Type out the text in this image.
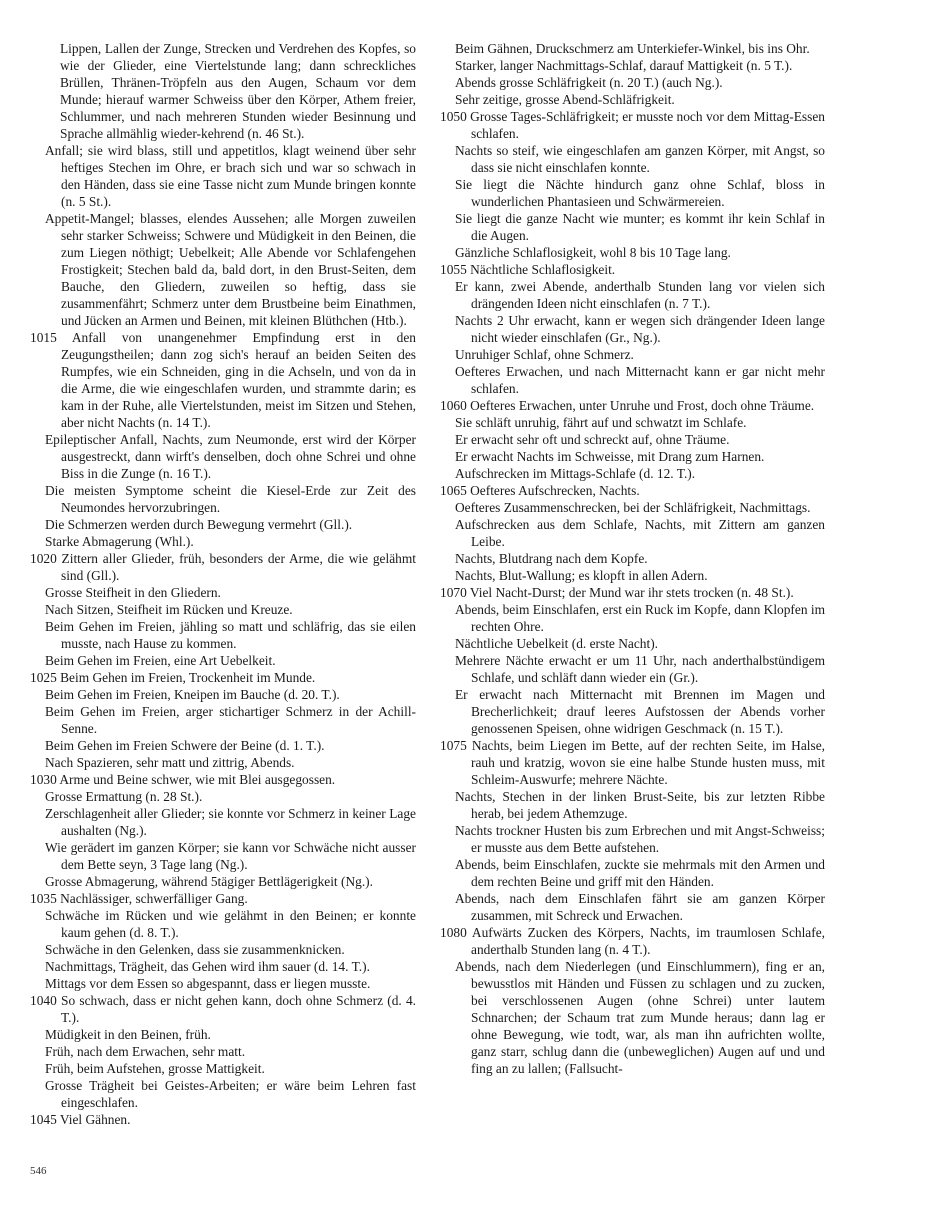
Lippen, Lallen der Zunge, Strecken und Verdrehen des Kopfes, so wie der Glieder, eine Viertelstunde lang; dann schreckliches Brüllen, Thränen-Tröpfeln aus den Augen, Schaum vor dem Munde; hierauf warmer Schweiss über den Körper, Athem freier, Schlummer, und nach mehreren Stunden wieder Besinnung und Sprache allmählig wieder-kehrend (n. 46 St.).

Anfall; sie wird blass, still und appetitlos, klagt weinend über sehr heftiges Stechen im Ohre, er brach sich und war so schwach in den Händen, dass sie eine Tasse nicht zum Munde bringen konnte (n. 5 St.).

Appetit-Mangel; blasses, elendes Aussehen; alle Morgen zuweilen sehr starker Schweiss; Schwere und Müdigkeit in den Beinen, die zum Liegen nöthigt; Uebelkeit; Alle Abende vor Schlafengehen Frostigkeit; Stechen bald da, bald dort, in den Brust-Seiten, dem Bauche, den Gliedern, zuweilen so heftig, dass sie zusammenfährt; Schmerz unter dem Brustbeine beim Einathmen, und Jücken an Armen und Beinen, mit kleinen Blüthchen (Htb.).

1015 Anfall von unangenehmer Empfindung erst in den Zeugungstheilen; dann zog sich's herauf an beiden Seiten des Rumpfes, wie ein Schneiden, ging in die Achseln, und von da in die Arme, die wie eingeschlafen wurden, und strammte darin; es kam in der Ruhe, alle Viertelstunden, meist im Sitzen und Stehen, aber nicht Nachts (n. 14 T.).

Epileptischer Anfall, Nachts, zum Neumonde, erst wird der Körper ausgestreckt, dann wirft's denselben, doch ohne Schrei und ohne Biss in die Zunge (n. 16 T.).

Die meisten Symptome scheint die Kiesel-Erde zur Zeit des Neumondes hervorzubringen.

Die Schmerzen werden durch Bewegung vermehrt (Gll.).

Starke Abmagerung (Whl.).

1020 Zittern aller Glieder, früh, besonders der Arme, die wie gelähmt sind (Gll.).

Grosse Steifheit in den Gliedern.

Nach Sitzen, Steifheit im Rücken und Kreuze.

Beim Gehen im Freien, jähling so matt und schläfrig, das sie eilen musste, nach Hause zu kommen.

Beim Gehen im Freien, eine Art Uebelkeit.

1025 Beim Gehen im Freien, Trockenheit im Munde.

Beim Gehen im Freien, Kneipen im Bauche (d. 20. T.).

Beim Gehen im Freien, arger stichartiger Schmerz in der Achill-Senne.

Beim Gehen im Freien Schwere der Beine (d. 1. T.).

Nach Spazieren, sehr matt und zittrig, Abends.

1030 Arme und Beine schwer, wie mit Blei ausgegossen.

Grosse Ermattung (n. 28 St.).

Zerschlagenheit aller Glieder; sie konnte vor Schmerz in keiner Lage aushalten (Ng.).

Wie gerädert im ganzen Körper; sie kann vor Schwäche nicht ausser dem Bette seyn, 3 Tage lang (Ng.).

Grosse Abmagerung, während 5tägiger Bettlägerigkeit (Ng.).

1035 Nachlässiger, schwerfälliger Gang.

Schwäche im Rücken und wie gelähmt in den Beinen; er konnte kaum gehen (d. 8. T.).

Schwäche in den Gelenken, dass sie zusammenknicken.

Nachmittags, Trägheit, das Gehen wird ihm sauer (d. 14. T.).

Mittags vor dem Essen so abgespannt, dass er liegen musste.

1040 So schwach, dass er nicht gehen kann, doch ohne Schmerz (d. 4. T.).

Müdigkeit in den Beinen, früh.

Früh, nach dem Erwachen, sehr matt.

Früh, beim Aufstehen, grosse Mattigkeit.

Grosse Trägheit bei Geistes-Arbeiten; er wäre beim Lehren fast eingeschlafen.

1045 Viel Gähnen.

Beim Gähnen, Druckschmerz am Unterkiefer-Winkel, bis ins Ohr.

Starker, langer Nachmittags-Schlaf, darauf Mattigkeit (n. 5 T.).

Abends grosse Schläfrigkeit (n. 20 T.) (auch Ng.).

Sehr zeitige, grosse Abend-Schläfrigkeit.

1050 Grosse Tages-Schläfrigkeit; er musste noch vor dem Mittag-Essen schlafen.

Nachts so steif, wie eingeschlafen am ganzen Körper, mit Angst, so dass sie nicht einschlafen konnte.

Sie liegt die Nächte hindurch ganz ohne Schlaf, bloss in wunderlichen Phantasieen und Schwärmereien.

Sie liegt die ganze Nacht wie munter; es kommt ihr kein Schlaf in die Augen.

Gänzliche Schlaflosigkeit, wohl 8 bis 10 Tage lang.

1055 Nächtliche Schlaflosigkeit.

Er kann, zwei Abende, anderthalb Stunden lang vor vielen sich drängenden Ideen nicht einschlafen (n. 7 T.).

Nachts 2 Uhr erwacht, kann er wegen sich drängender Ideen lange nicht wieder einschlafen (Gr., Ng.).

Unruhiger Schlaf, ohne Schmerz.

Oefteres Erwachen, und nach Mitternacht kann er gar nicht mehr schlafen.

1060 Oefteres Erwachen, unter Unruhe und Frost, doch ohne Träume.

Sie schläft unruhig, fährt auf und schwatzt im Schlafe.

Er erwacht sehr oft und schreckt auf, ohne Träume.

Er erwacht Nachts im Schweisse, mit Drang zum Harnen.

Aufschrecken im Mittags-Schlafe (d. 12. T.).

1065 Oefteres Aufschrecken, Nachts.

Oefteres Zusammenschrecken, bei der Schläfrigkeit, Nachmittags.

Aufschrecken aus dem Schlafe, Nachts, mit Zittern am ganzen Leibe.

Nachts, Blutdrang nach dem Kopfe.

Nachts, Blut-Wallung; es klopft in allen Adern.

1070 Viel Nacht-Durst; der Mund war ihr stets trocken (n. 48 St.).

Abends, beim Einschlafen, erst ein Ruck im Kopfe, dann Klopfen im rechten Ohre.

Nächtliche Uebelkeit (d. erste Nacht).

Mehrere Nächte erwacht er um 11 Uhr, nach anderthalbstündigem Schlafe, und schläft dann wieder ein (Gr.).

Er erwacht nach Mitternacht mit Brennen im Magen und Brecherlichkeit; drauf leeres Aufstossen der Abends vorher genossenen Speisen, ohne widrigen Geschmack (n. 15 T.).

1075 Nachts, beim Liegen im Bette, auf der rechten Seite, im Halse, rauh und kratzig, wovon sie eine halbe Stunde husten muss, mit Schleim-Auswurfe; mehrere Nächte.

Nachts, Stechen in der linken Brust-Seite, bis zur letzten Ribbe herab, bei jedem Athemzuge.

Nachts trockner Husten bis zum Erbrechen und mit Angst-Schweiss; er musste aus dem Bette aufstehen.

Abends, beim Einschlafen, zuckte sie mehrmals mit den Armen und dem rechten Beine und griff mit den Händen.

Abends, nach dem Einschlafen fährt sie am ganzen Körper zusammen, mit Schreck und Erwachen.

1080 Aufwärts Zucken des Körpers, Nachts, im traumlosen Schlafe, anderthalb Stunden lang (n. 4 T.).

Abends, nach dem Niederlegen (und Einschlummern), fing er an, bewusstlos mit Händen und Füssen zu schlagen und zu zucken, bei verschlossenen Augen (ohne Schrei) unter lautem Schnarchen; der Schaum trat zum Munde heraus; dann lag er ohne Bewegung, wie todt, war, als man ihn aufrichten wollte, ganz starr, schlug dann die (unbeweglichen) Augen auf und und fing an zu lallen; (Fallsucht-

546
